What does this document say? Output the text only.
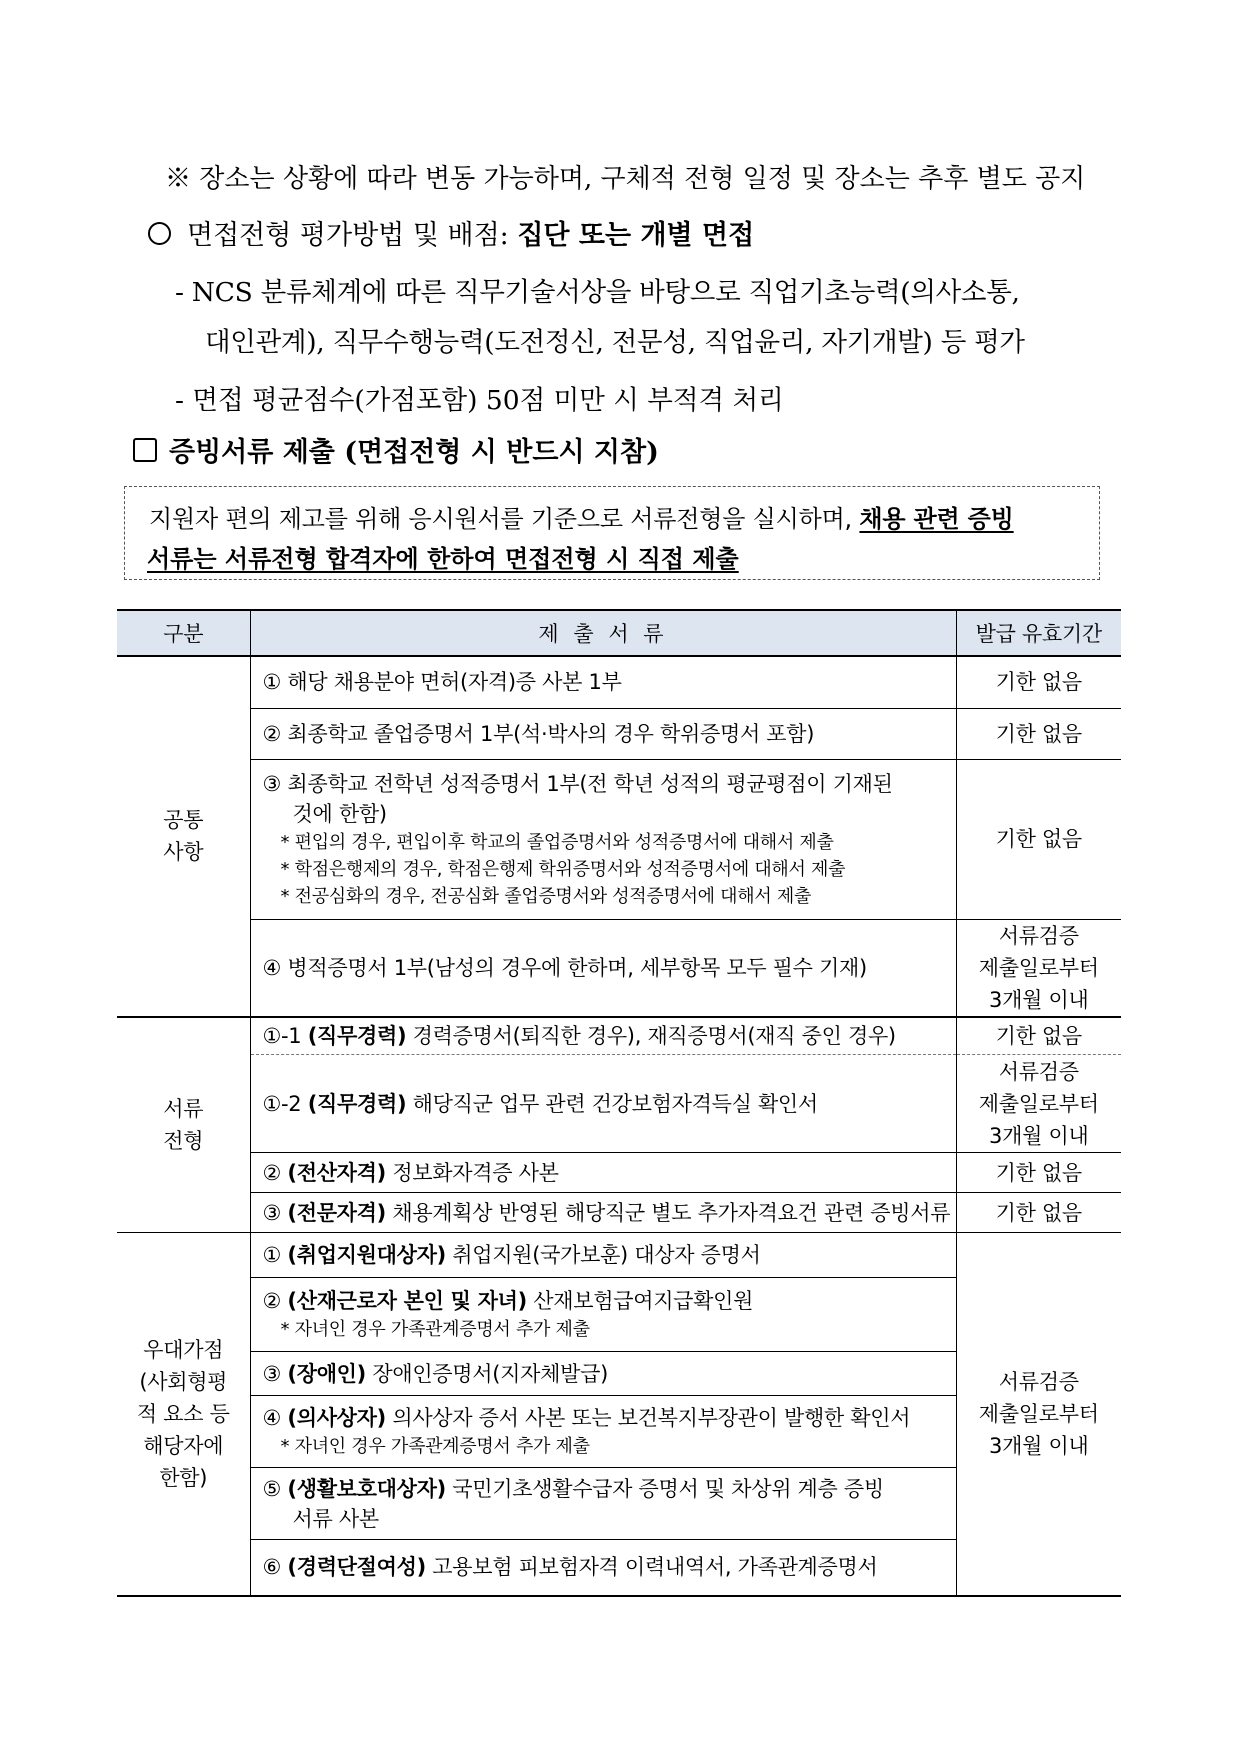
※ 장소는 상황에 따라 변동 가능하며, 구체적 전형 일정 및 장소는 추후 별도 공지
면접전형 평가방법 및 배점: 집단 또는 개별 면접
- NCS 분류체계에 따른 직무기술서상을 바탕으로 직업기초능력(의사소통,
대인관계), 직무수행능력(도전정신, 전문성, 직업윤리, 자기개발) 등 평가
- 면접 평균점수(가점포함) 50점 미만 시 부적격 처리
증빙서류 제출 (면접전형 시 반드시 지참)
지원자 편의 제고를 위해 응시원서를 기준으로 서류전형을 실시하며, 채용 관련 증빙
서류는 서류전형 합격자에 한하여 면접전형 시 직접 제출
구분	제 출 서 류	발급 유효기간
공통
사항	① 해당 채용분야 면허(자격)증 사본 1부	기한 없음
	② 최종학교 졸업증명서 1부(석·박사의 경우 학위증명서 포함)	기한 없음

	③ 최종학교 전학년 성적증명서 1부(전 학년 성적의 평균평점이 기재된
것에 한함)
* 편입의 경우, 편입이후 학교의 졸업증명서와 성적증명서에 대해서 제출
* 학점은행제의 경우, 학점은행제 학위증명서와 성적증명서에 대해서 제출
* 전공심화의 경우, 전공심화 졸업증명서와 성적증명서에 대해서 제출	기한 없음
	④ 병적증명서 1부(남성의 경우에 한하며, 세부항목 모두 필수 기재)	서류검증
제출일로부터
3개월 이내
서류
전형	①-1 (직무경력) 경력증명서(퇴직한 경우), 재직증명서(재직 중인 경우)	기한 없음
	①-2 (직무경력) 해당직군 업무 관련 건강보험자격득실 확인서	서류검증
제출일로부터
3개월 이내
	② (전산자격) 정보화자격증 사본	기한 없음
	③ (전문자격) 채용계획상 반영된 해당직군 별도 추가자격요건 관련 증빙서류	기한 없음
우대가점
(사회형평
적 요소 등
해당자에
한함)	① (취업지원대상자) 취업지원(국가보훈) 대상자 증명서	서류검증
제출일로부터
3개월 이내

	② (산재근로자 본인 및 자녀) 산재보험급여지급확인원
* 자녀인 경우 가족관계증명서 추가 제출	

	③ (장애인) 장애인증명서(지자체발급)	

	④ (의사상자) 의사상자 증서 사본 또는 보건복지부장관이 발행한 확인서
* 자녀인 경우 가족관계증명서 추가 제출	

	⑤ (생활보호대상자) 국민기초생활수급자 증명서 및 차상위 계층 증빙
서류 사본	

	⑥ (경력단절여성) 고용보험 피보험자격 이력내역서, 가족관계증명서	
